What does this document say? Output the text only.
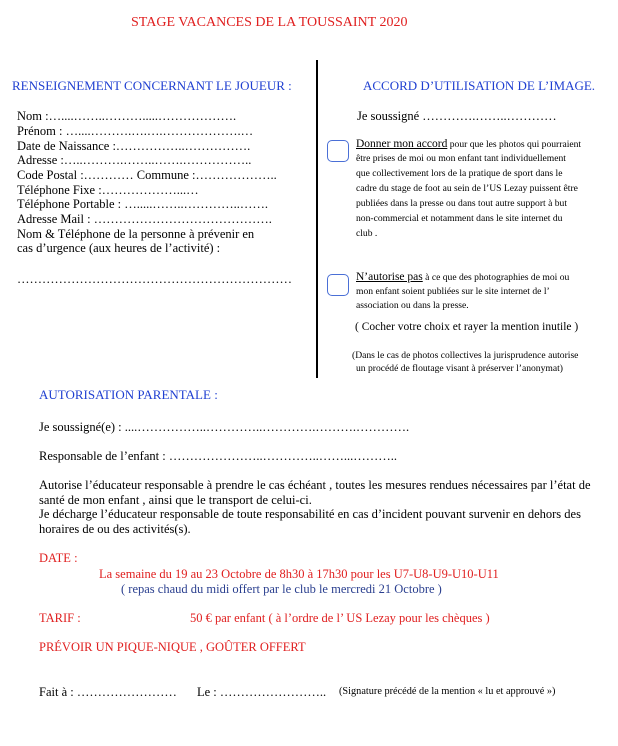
STAGE VACANCES DE LA TOUSSAINT 2020
RENSEIGNEMENT CONCERNANT LE JOUEUR :
Nom :…....……..……….....……………….
Prénom : …....……….….….……………….…
Date de Naissance :……………..…………….
Adresse :…..……….……..…….……………..
Code Postal :………… Commune :………………..
Téléphone Fixe :………………...…
Téléphone Portable : ….....……..…………..…….
Adresse Mail : …………………………………….
Nom & Téléphone de la personne à prévenir en
cas d’urgence (aux heures de l’activité) :
…………………………………………………………
ACCORD D’UTILISATION DE L’IMAGE.
Je soussigné ………….……..…………
Donner mon accord pour que les photos qui pourraient
être prises de moi ou mon enfant tant individuellement
que collectivement lors de la pratique de sport dans le
cadre du stage de foot au sein de l’US Lezay puissent être
publiées dans la presse ou dans tout autre support à but
non-commercial et notamment dans le site internet du
club .
N’autorise pas à ce que des photographies de moi ou
mon enfant soient publiées sur le site internet de l’
association ou dans la presse.
( Cocher votre choix et rayer la mention inutile )
(Dans le cas de photos collectives la jurisprudence autorise
un procédé de floutage visant à préserver l’anonymat)
AUTORISATION PARENTALE :
Je soussigné(e) : ....……………..…………..………….……….………….
Responsable de l’enfant : …………………..…………..……...………..
Autorise l’éducateur responsable à prendre le cas échéant , toutes les mesures rendues nécessaires par l’état de
santé de mon enfant , ainsi que le transport de celui-ci.
Je décharge l’éducateur responsable de toute responsabilité en cas d’incident pouvant survenir en dehors des
horaires de ou des activités(s).
DATE :
La semaine du 19 au 23 Octobre de 8h30 à 17h30 pour les U7-U8-U9-U10-U11
( repas chaud du midi offert par le club le mercredi 21 Octobre )
TARIF :	50 € par enfant ( à l’ordre de l’ US Lezay pour les chèques )
PRÉVOIR UN PIQUE-NIQUE , GOÛTER OFFERT
Fait à : …………………… Le : …………………….. (Signature précédé de la mention « lu et approuvé »)
